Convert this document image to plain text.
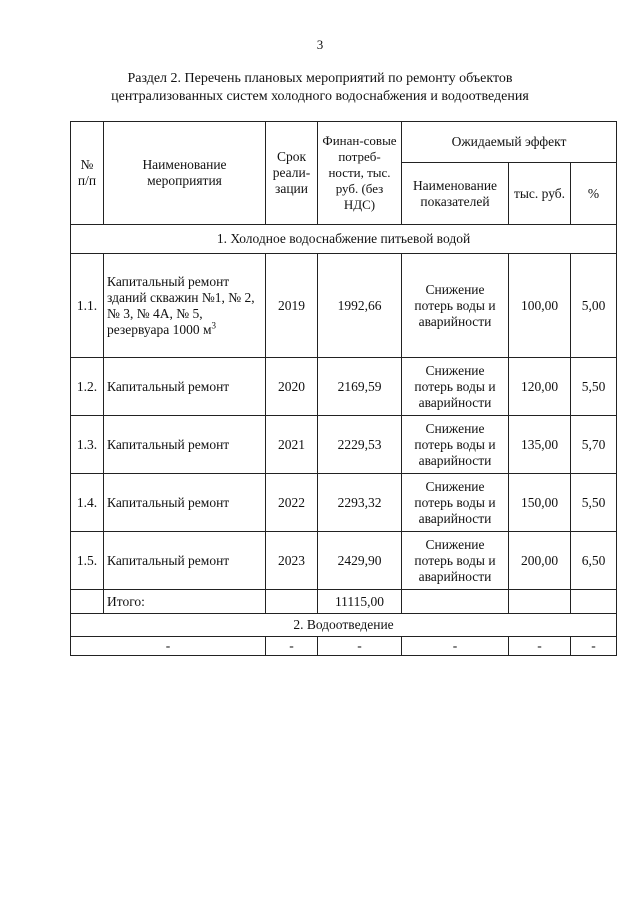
3
Раздел 2. Перечень плановых мероприятий по ремонту объектов
централизованных систем холодного водоснабжения и водоотведения
№ п/п	Наименование мероприятия	Срок реали-зации	Финан-совые потреб-ности, тыс. руб. (без НДС)	Ожидаемый эффект		
				Наименование показателей	тыс. руб.	%
1. Холодное водоснабжение питьевой водой						
1.1.	Капитальный ремонт зданий скважин №1, № 2, № 3, № 4А, № 5, резервуара 1000 $м^3$	2019	1992,66	Снижение потерь воды и аварийности	100,00	5,00
1.2.	Капитальный ремонт	2020	2169,59	Снижение потерь воды и аварийности	120,00	5,50
1.3.	Капитальный ремонт	2021	2229,53	Снижение потерь воды и аварийности	135,00	5,70
1.4.	Капитальный ремонт	2022	2293,32	Снижение потерь воды и аварийности	150,00	5,50
1.5.	Капитальный ремонт	2023	2429,90	Снижение потерь воды и аварийности	200,00	6,50
	Итого:		11115,00			
2. Водоотведение						
-		-	-	-	-	-
